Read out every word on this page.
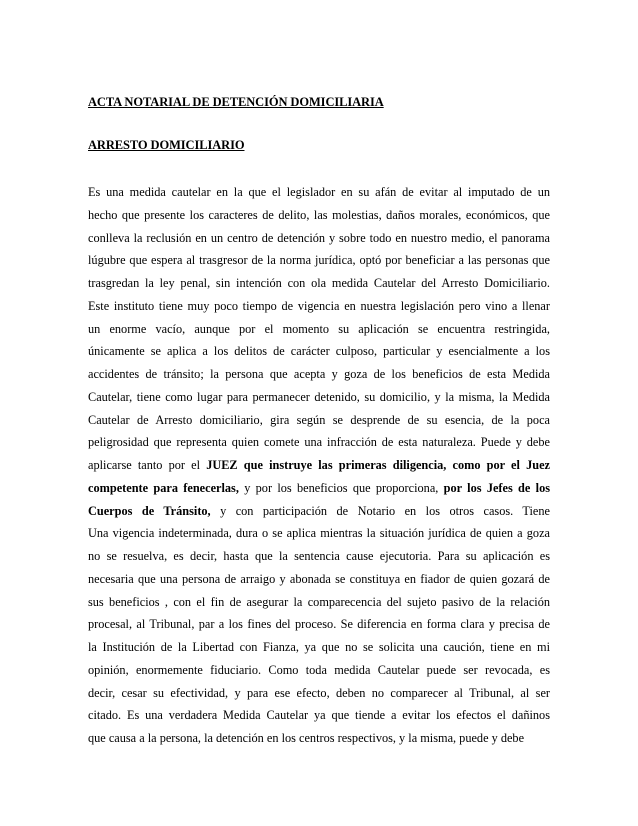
ACTA NOTARIAL DE DETENCIÓN DOMICILIARIA
ARRESTO DOMICILIARIO
Es una medida cautelar en la que el legislador en su afán de evitar al imputado de un
hecho que presente los caracteres de delito, las molestias, daños morales, económicos, que
conlleva la reclusión en un centro de detención y sobre todo en nuestro medio, el panorama
lúgubre que espera al trasgresor de la norma jurídica, optó por beneficiar a las personas que
trasgredan la ley penal, sin intención con ola medida Cautelar del Arresto Domiciliario.
Este instituto tiene muy poco tiempo de vigencia en nuestra legislación pero vino a llenar
un enorme vacío, aunque por el momento su aplicación se encuentra restringida,
únicamente se aplica a los delitos de carácter culposo, particular y esencialmente a los
accidentes de tránsito; la persona que acepta y goza de los beneficios de esta Medida
Cautelar, tiene como lugar para permanecer detenido, su domicilio, y la misma, la Medida
Cautelar de Arresto domiciliario, gira según se desprende de su esencia, de la poca
peligrosidad que representa quien comete una infracción de esta naturaleza. Puede y debe
aplicarse tanto por el JUEZ que instruye las primeras diligencia, como por el Juez
competente para fenecerlas, y por los beneficios que proporciona, por los Jefes de los
Cuerpos de Tránsito, y con participación de Notario en los otros casos. Tiene
Una vigencia indeterminada, dura o se aplica mientras la situación jurídica de quien a goza
no se resuelva, es decir, hasta que la sentencia cause ejecutoria. Para su aplicación es
necesaria que una persona de arraigo y abonada se constituya en fiador de quien gozará de
sus beneficios , con el fin de asegurar la comparecencia del sujeto pasivo de la relación
procesal, al Tribunal, par a los fines del proceso. Se diferencia en forma clara y precisa de
la Institución de la Libertad con Fianza, ya que no se solicita una caución, tiene en mi
opinión, enormemente fiduciario. Como toda medida Cautelar puede ser revocada, es
decir, cesar su efectividad, y para ese efecto, deben no comparecer al Tribunal, al ser
citado. Es una verdadera Medida Cautelar ya que tiende a evitar los efectos el dañinos
que causa a la persona, la detención en los centros respectivos, y la misma, puede y debe
